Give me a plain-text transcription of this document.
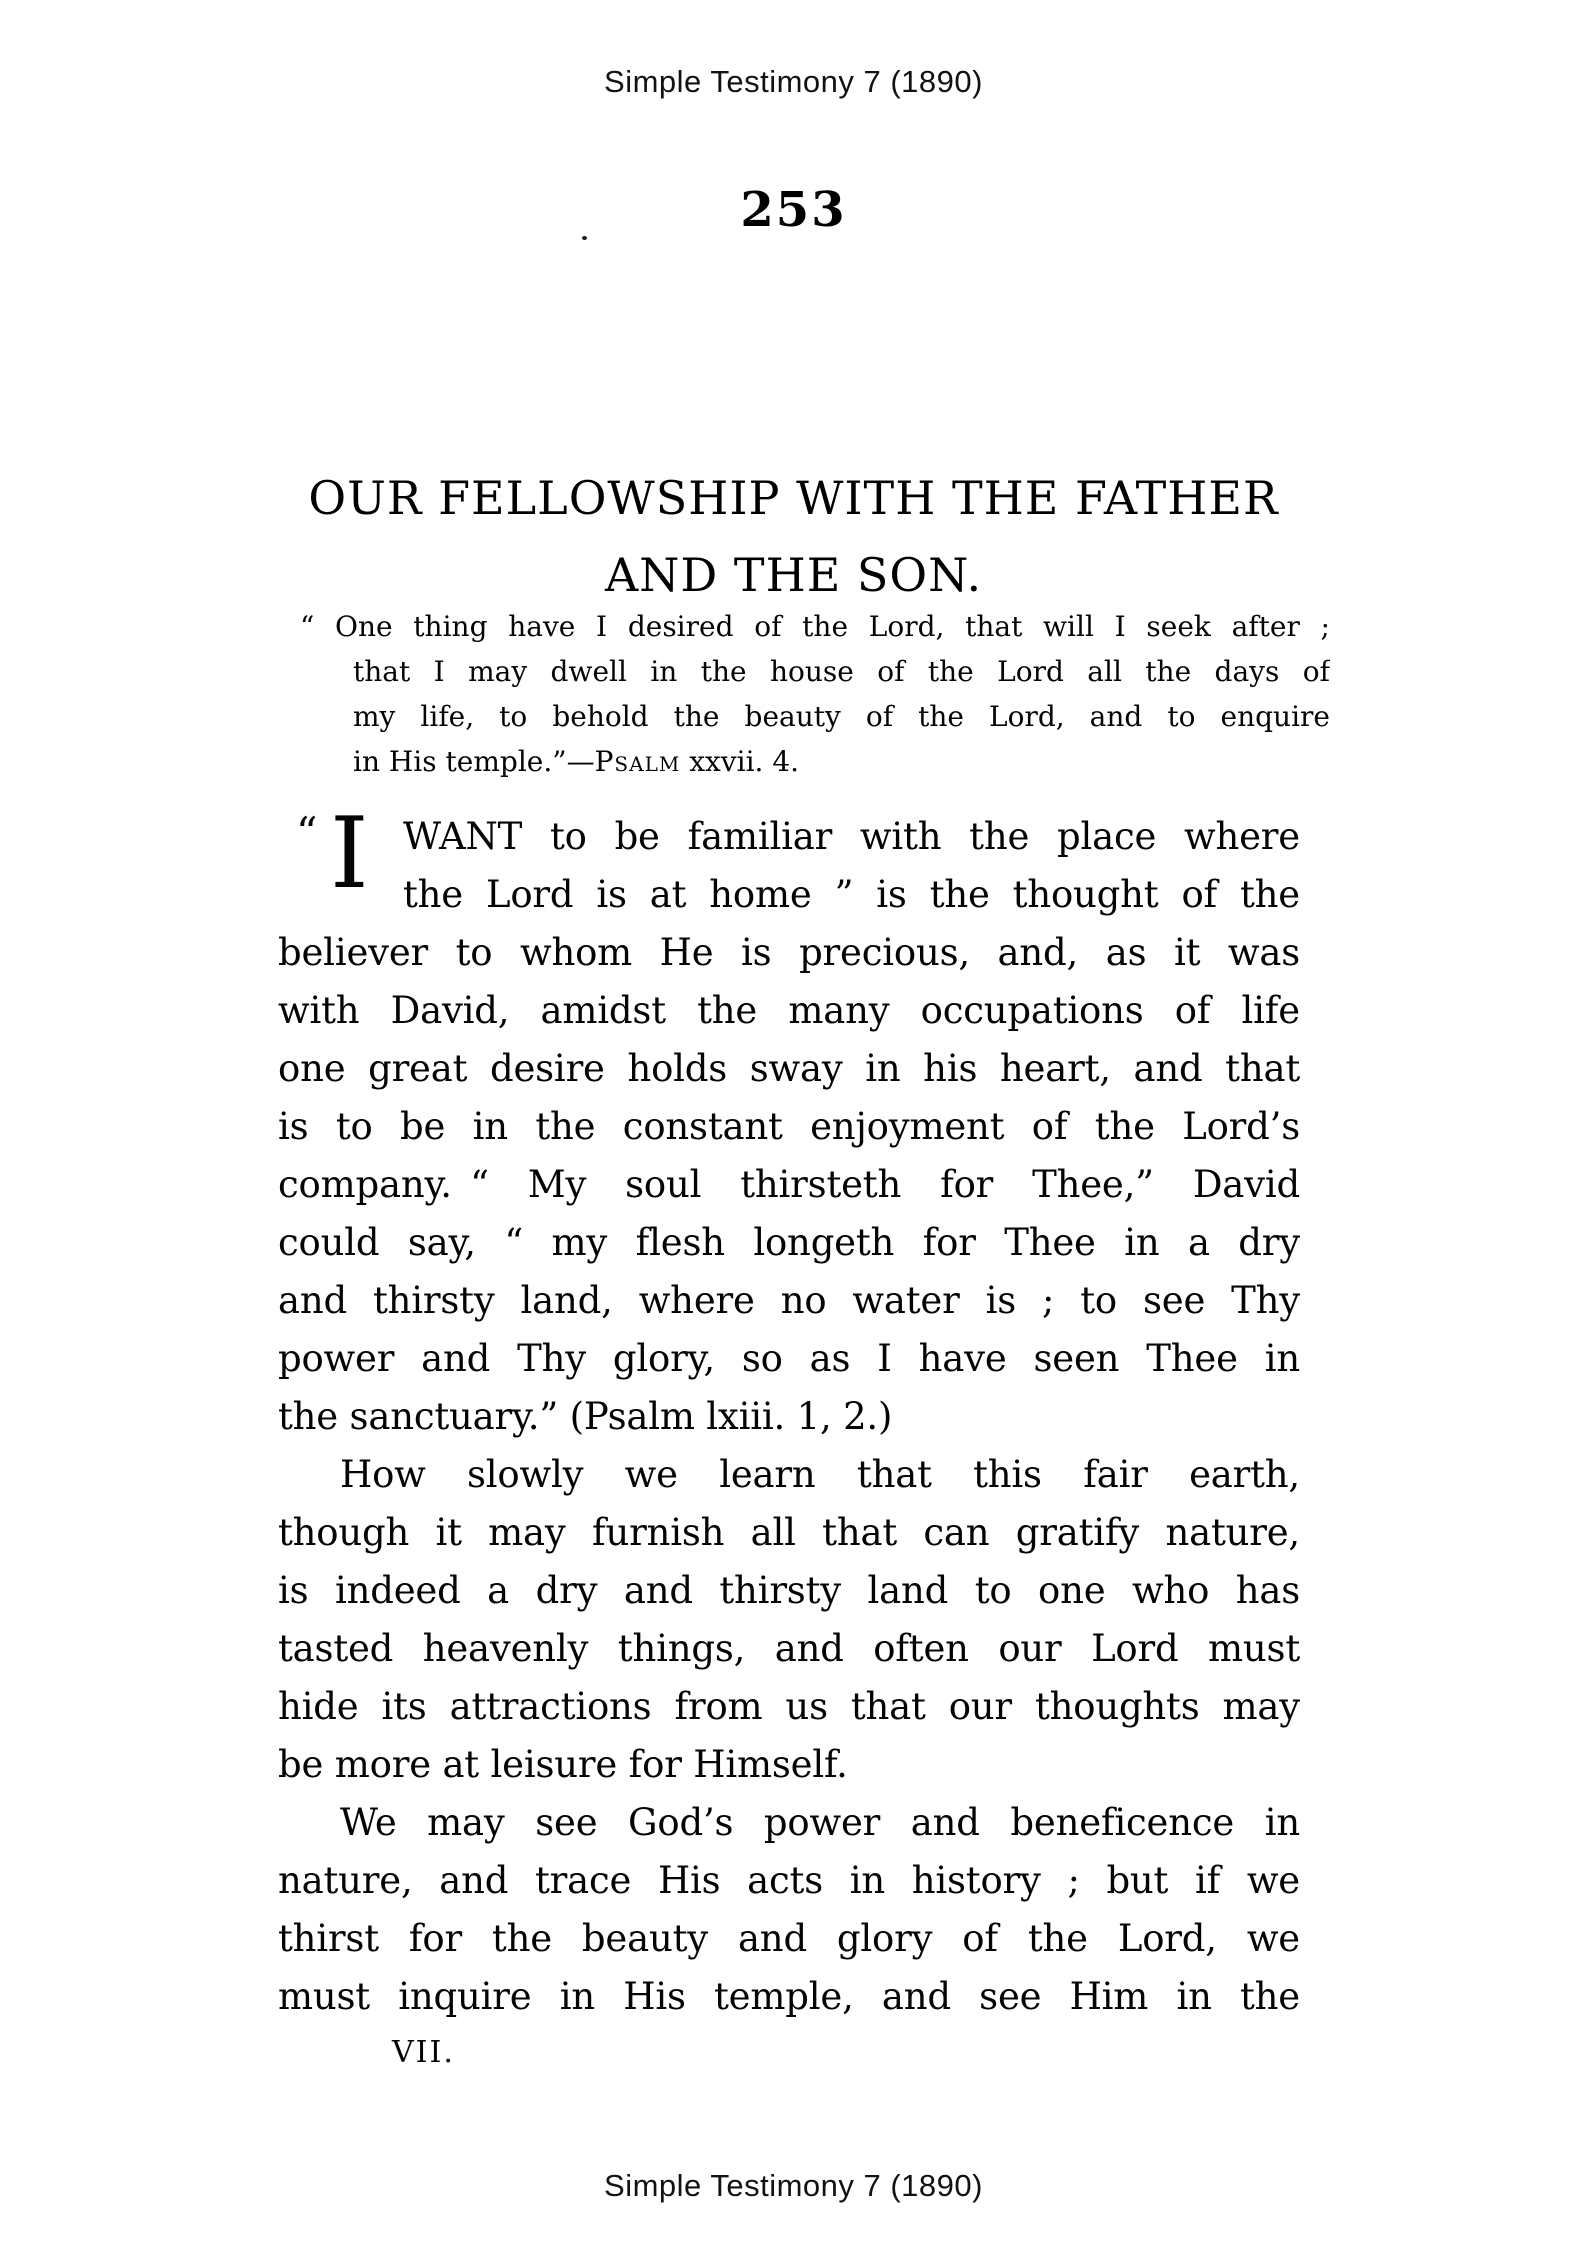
Simple Testimony 7 (1890)
253
OUR FELLOWSHIP WITH THE FATHER
AND THE SON.
“ One thing have I desired of the Lord, that will I seek after ;
that I may dwell in the house of the Lord all the days of
my life, to behold the beauty of the Lord, and to enquire
in His temple.”—Psalm xxvii. 4.
“ I WANT to be familiar with the place where
the Lord is at home ” is the thought of the
believer to whom He is precious, and, as it was
with David, amidst the many occupations of life
one great desire holds sway in his heart, and that
is to be in the constant enjoyment of the Lord’s
company. “ My soul thirsteth for Thee,” David
could say, “ my flesh longeth for Thee in a dry
and thirsty land, where no water is ; to see Thy
power and Thy glory, so as I have seen Thee in
the sanctuary.” (Psalm lxiii. 1, 2.)
How slowly we learn that this fair earth,
though it may furnish all that can gratify nature,
is indeed a dry and thirsty land to one who has
tasted heavenly things, and often our Lord must
hide its attractions from us that our thoughts may
be more at leisure for Himself.
We may see God’s power and beneficence in
nature, and trace His acts in history ; but if we
thirst for the beauty and glory of the Lord, we
must inquire in His temple, and see Him in the
VII.
Simple Testimony 7 (1890)
